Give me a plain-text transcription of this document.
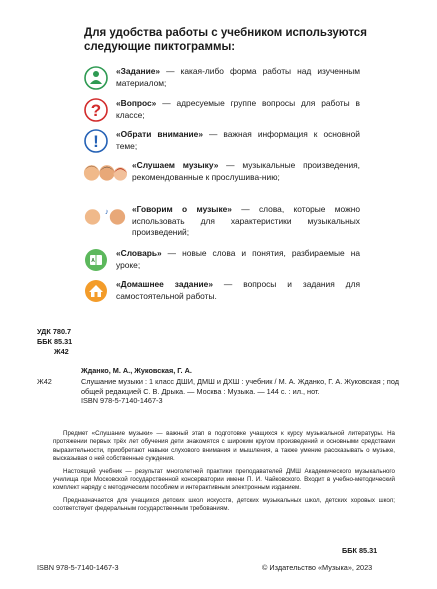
Для удобства работы с учебником используются следующие пиктограммы:
«Задание» — какая-либо форма работы над изученным материалом;
? «Вопрос» — адресуемые группе вопросы для работы в классе;
! «Обрати внимание» — важная информация к основной теме;
«Слушаем музыку» — музыкальные произведения, рекомендованные к прослушива-нию;
♪	«Говорим о музыке» — слова, которые можно использовать для характеристики музыкальных произведений;
А
«Словарь» — новые слова и понятия, разбираемые на уроке;
«Домашнее задание» — вопросы и задания для самостоятельной работы.
УДК 780.7
ББК 85.31
Ж42
Жданко, М. А., Жуковская, Г. А.
Ж42	Слушание музыки : 1 класс ДШИ, ДМШ и ДХШ : учебник / М. А. Жданко, Г. А. Жуковская ; под общей редакцией С. В. Дрыка. — Москва : Музыка. — 144 с. : ил., нот.
ISBN 978-5-7140-1467-3

Предмет «Слушание музыки» — важный этап в подготовке учащихся к курсу музыкальной литературы. На протяжении первых трёх лет обучения дети знакомятся с широким кругом произведений и основными средствами выразительности, приобретают навыки слухового внимания и мышления, а также умение рассказывать о музыке, высказывая о ней собственные суждения.

Настоящий учебник — результат многолетней практики преподавателей ДМШ Академического музыкального училища при Московской государственной консерватории имени П. И. Чайковского. Входит в учебно-методический комплект наряду с методическим пособием и интерактивным электронным изданием.

Предназначается для учащихся детских школ искусств, детских музыкальных школ, детских хоровых школ; соответствует федеральным государственным требованиям.

ББК 85.31
ISBN 978-5-7140-1467-3	© Издательство «Музыка», 2023
